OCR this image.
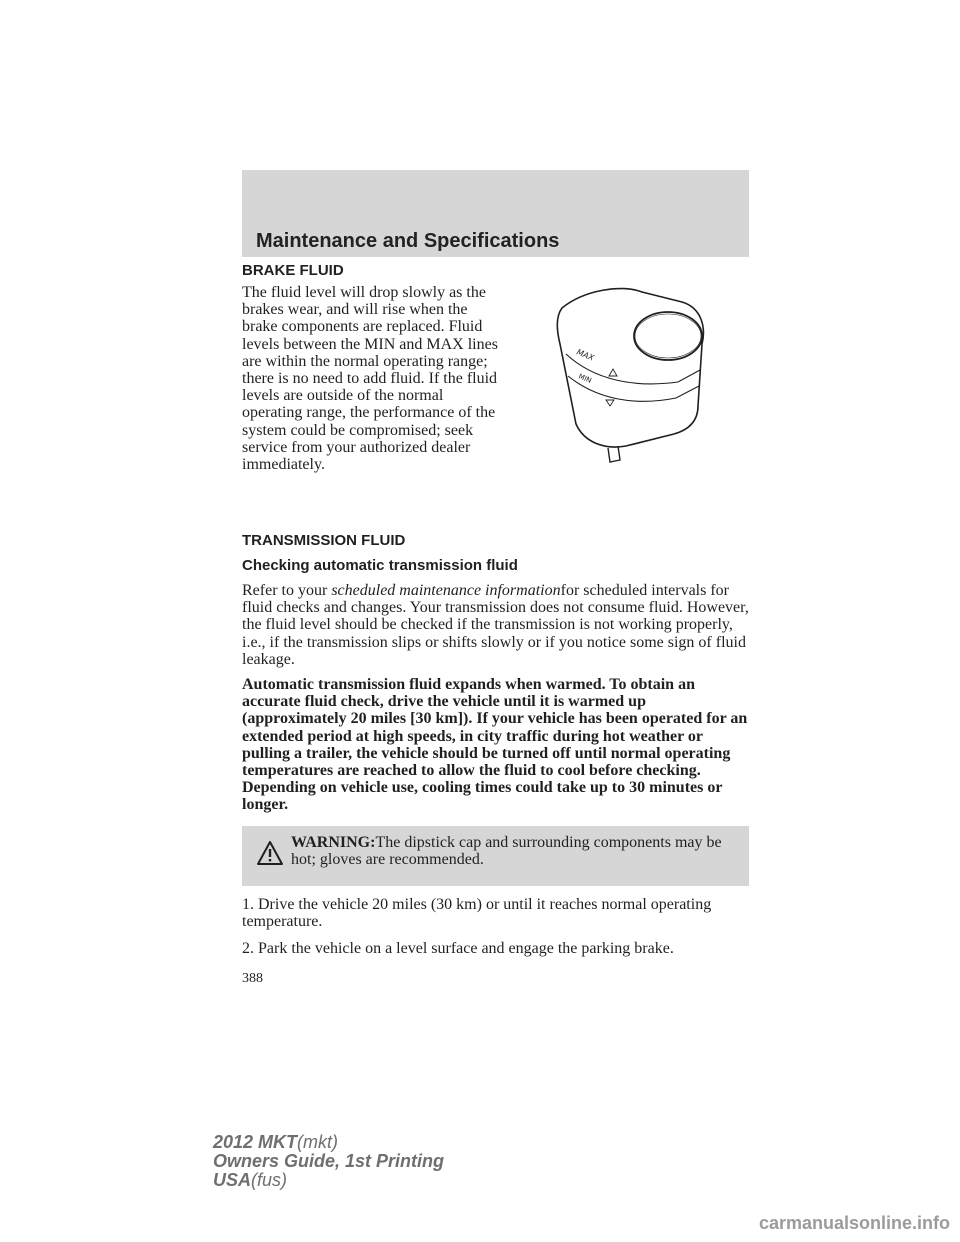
Maintenance and Specifications
BRAKE FLUID

The fluid level will drop slowly as the brakes wear, and will rise when the brake components are replaced. Fluid levels between the MIN and MAX lines are within the normal operating range; there is no need to add fluid. If the fluid levels are outside of the normal operating range, the performance of the system could be compromised; seek service from your authorized dealer immediately.

MAX
MIN
TRANSMISSION FLUID
Checking automatic transmission fluid

Refer to your scheduled maintenance informationfor scheduled intervals for fluid checks and changes. Your transmission does not consume fluid. However, the fluid level should be checked if the transmission is not working properly, i.e., if the transmission slips or shifts slowly or if you notice some sign of fluid leakage.

Automatic transmission fluid expands when warmed. To obtain an accurate fluid check, drive the vehicle until it is warmed up (approximately 20 miles [30 km]). If your vehicle has been operated for an extended period at high speeds, in city traffic during hot weather or pulling a trailer, the vehicle should be turned off until normal operating temperatures are reached to allow the fluid to cool before checking. Depending on vehicle use, cooling times could take up to 30 minutes or longer.

WARNING:The dipstick cap and surrounding components may be hot; gloves are recommended.

1. Drive the vehicle 20 miles (30 km) or until it reaches normal operating temperature.

2. Park the vehicle on a level surface and engage the parking brake.

388

2012 MKT(mkt)
Owners Guide, 1st Printing
USA(fus)

carmanualsonline.info
